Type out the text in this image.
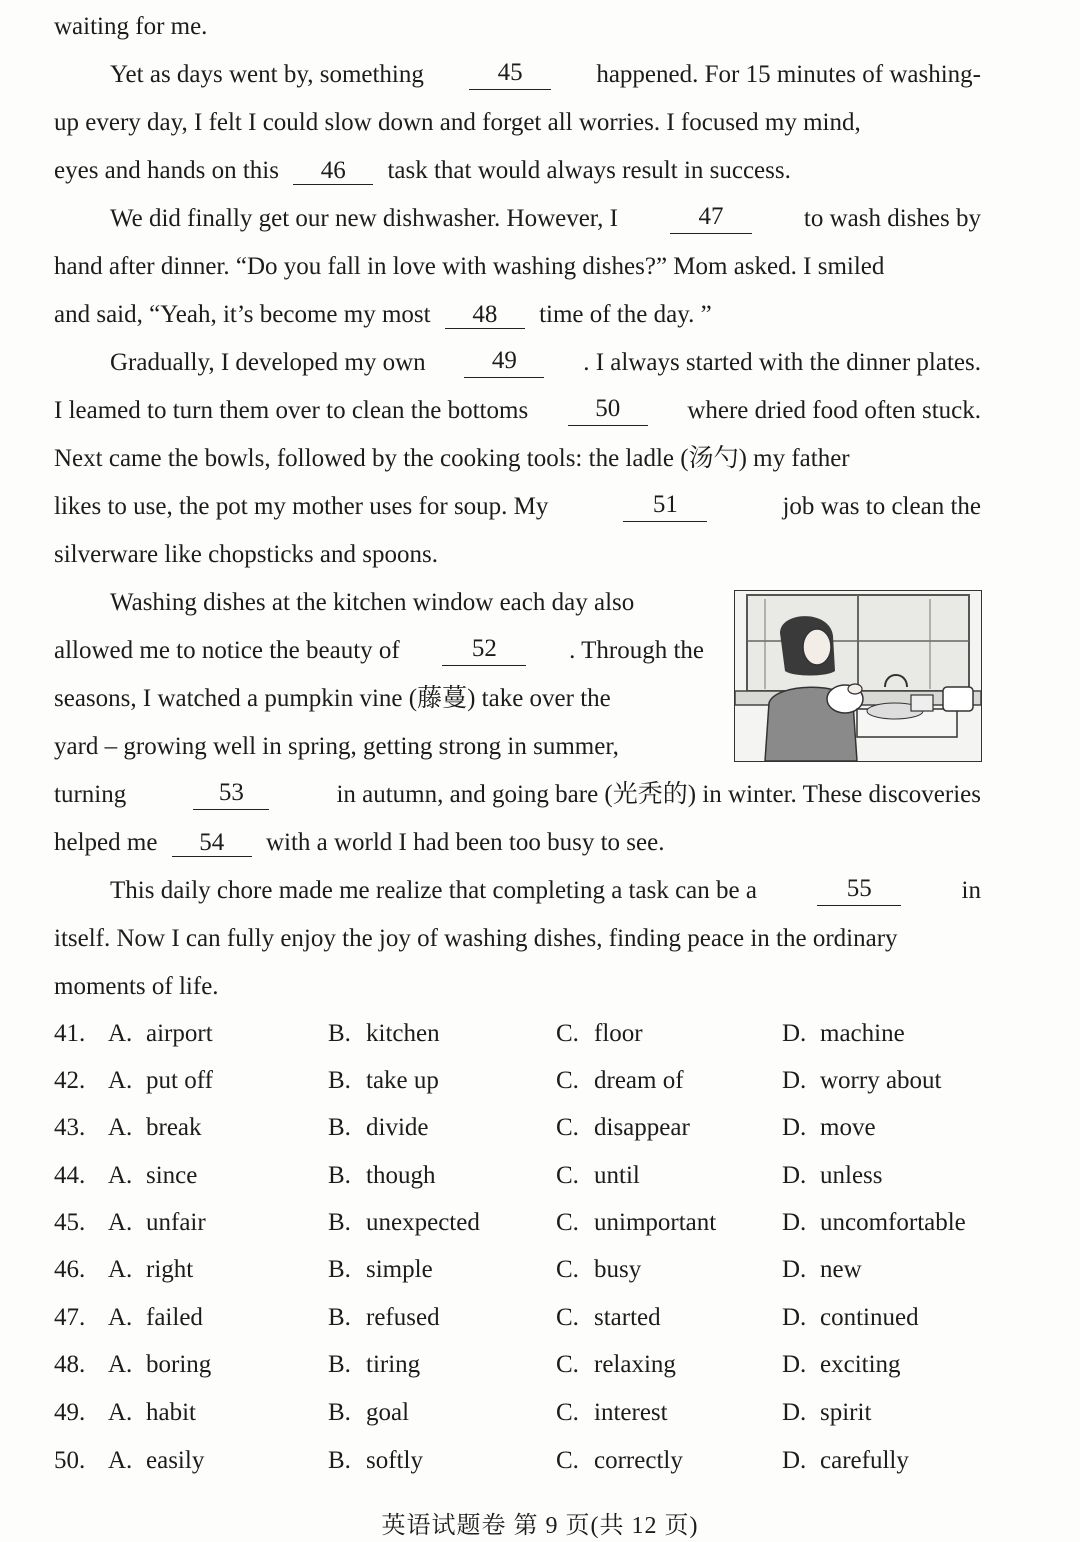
waiting for me.
Yet as days went by, something	45	happened. For 15 minutes of washing-
up every day, I felt I could slow down and forget all worries. I focused my mind,
eyes and hands on this 46 task that would always result in success.
We did finally get our new dishwasher. However, I	47	to wash dishes by
hand after dinner. “Do you fall in love with washing dishes?” Mom asked. I smiled
and said, “Yeah, it’s become my most 48 time of the day. ”
Gradually, I developed my own	49	. I always started with the dinner plates.
I leamed to turn them over to clean the bottoms	50	where dried food often stuck.
Next came the bowls, followed by the cooking tools: the ladle (汤勺) my father
likes to use, the pot my mother uses for soup. My	51	job was to clean the
silverware like chopsticks and spoons.
Washing dishes at the kitchen window each day also
allowed me to notice the beauty of	52	. Through the
seasons, I watched a pumpkin vine (藤蔓) take over the
yard – growing well in spring, getting strong in summer,
turning	53	in autumn, and going bare (光秃的) in winter. These discoveries
helped me 54 with a world I had been too busy to see.
This daily chore made me realize that completing a task can be a	55	in
itself. Now I can fully enjoy the joy of washing dishes, finding peace in the ordinary
moments of life.
41. A. airport	B. kitchen	C. floor	D. machine
42. A. put off	B. take up	C. dream of	D. worry about
43. A. break	B. divide	C. disappear	D. move
44. A. since	B. though	C. until	D. unless
45. A. unfair	B. unexpected	C. unimportant	D. uncomfortable
46. A. right	B. simple	C. busy	D. new
47. A. failed	B. refused	C. started	D. continued
48. A. boring	B. tiring	C. relaxing	D. exciting
49. A. habit	B. goal	C. interest	D. spirit
50. A. easily	B. softly	C. correctly	D. carefully
英语试题卷 第 9 页(共 12 页)
